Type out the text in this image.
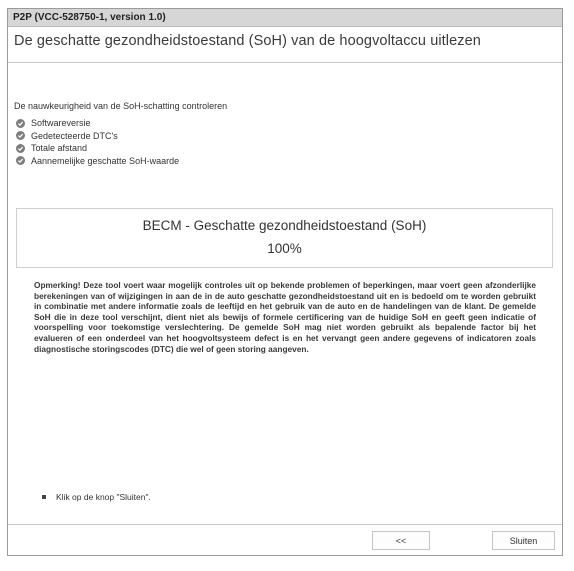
P2P (VCC-528750-1, version 1.0)
De geschatte gezondheidstoestand (SoH) van de hoogvoltaccu uitlezen
De nauwkeurigheid van de SoH-schatting controleren
Softwareversie
Gedetecteerde DTC's
Totale afstand
Aannemelijke geschatte SoH-waarde
BECM - Geschatte gezondheidstoestand (SoH)
100%

Opmerking! Deze tool voert waar mogelijk controles uit op bekende problemen of beperkingen, maar voert geen afzonderlijke berekeningen van of wijzigingen in aan de in de auto geschatte gezondheidstoestand uit en is bedoeld om te worden gebruikt in combinatie met andere informatie zoals de leeftijd en het gebruik van de auto en de handelingen van de klant. De gemelde SoH die in deze tool verschijnt, dient niet als bewijs of formele certificering van de huidige SoH en geeft geen indicatie of voorspelling voor toekomstige verslechtering. De gemelde SoH mag niet worden gebruikt als bepalende factor bij het evalueren of een onderdeel van het hoogvoltsysteem defect is en het vervangt geen andere gegevens of indicatoren zoals diagnostische storingscodes (DTC) die wel of geen storing aangeven.

Klik op de knop "Sluiten".
<<	Sluiten
